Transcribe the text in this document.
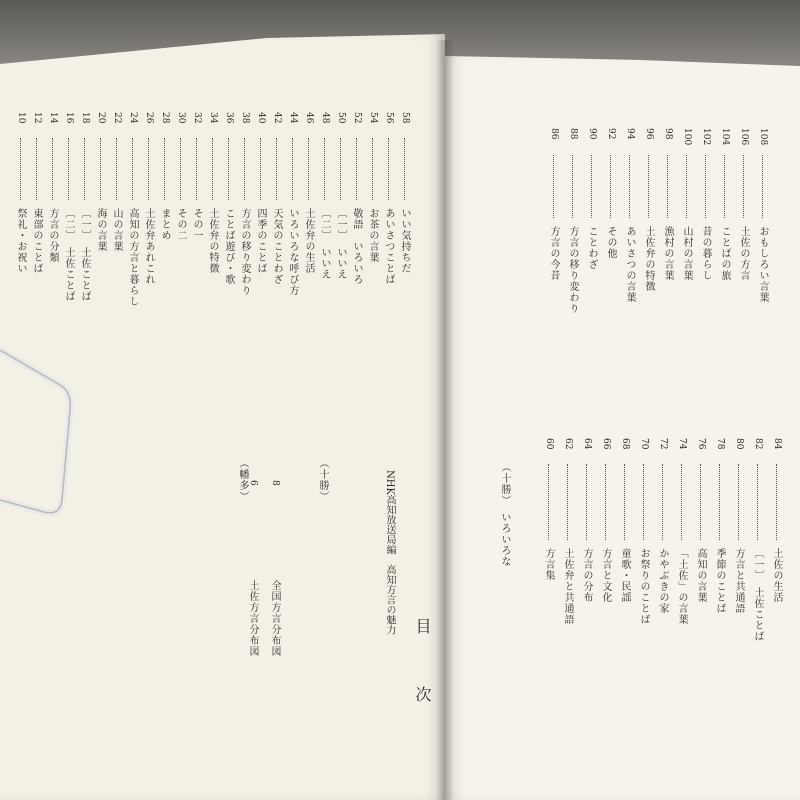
目　次
NHK高知放送局編　高知方言の魅力
8
全国方言分布図
6
土佐方言分布図
（十勝）
（幡多）
58
いい気持ちだ
56
あいさつことば
54
お茶の言葉
52
敬語　いろいろ
50
〔一〕　いいえ
48
〔二〕　いいえ
46
土佐弁の生活
44
いろいろな呼び方
42
天気のことわざ
40
四季のことば
38
方言の移り変わり
36
ことば遊び・歌
34
土佐弁の特徴
32
その一
30
その二
28
まとめ
26
土佐弁あれこれ
24
高知の方言と暮らし
22
山の言葉
20
海の言葉
18
〔一〕　土佐ことば
16
〔二〕　土佐ことば
14
方言の分類
12
東部のことば
10
祭礼・お祝い
108
おもしろい言葉
106
土佐の方言
104
ことばの旅
102
昔の暮らし
100
山村の言葉
98
漁村の言葉
96
土佐弁の特徴
94
あいさつの言葉
92
その他
90
ことわざ
88
方言の移り変わり
86
方言の今昔
84
土佐の生活
82
〔一〕　土佐ことば
80
方言と共通語
78
季節のことば
76
高知の言葉
74
「土佐」の言葉
72
かやぶきの家
70
お祭りのことば
68
童歌・民謡
66
方言と文化
64
方言の分布
62
土佐弁と共通語
60
方言集
（十勝）　いろいろな
